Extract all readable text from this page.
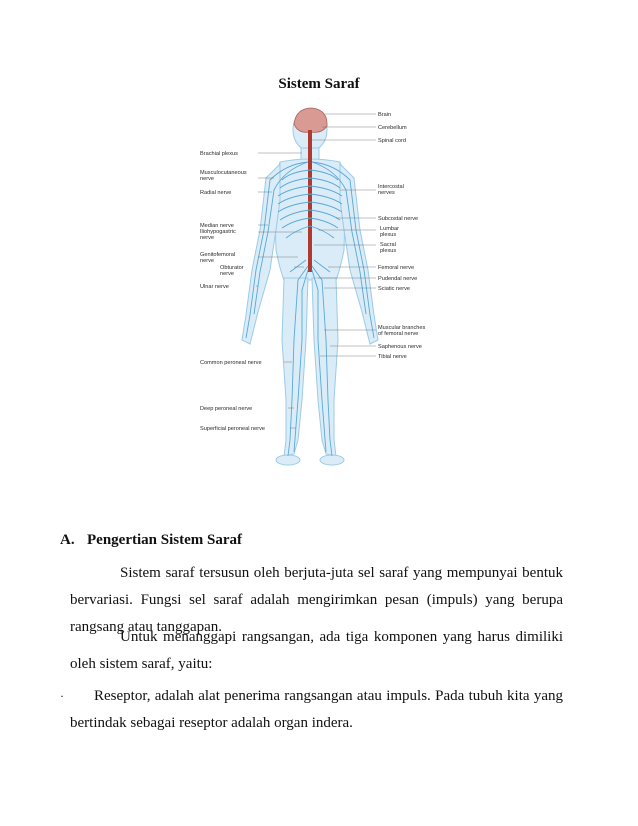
Sistem Saraf
Brachial plexus
Musculocutaneous
nerve
Radial nerve
Median nerve
Iliohypogastric
nerve
Genitofemoral
nerve
Obturator
nerve
Ulnar nerve
Common peroneal nerve
Deep peroneal nerve
Superficial peroneal nerve
Brain
Cerebellum
Spinal cord
Intercostal
nerves
Subcostal nerve
Lumbar
plexus
Sacral
plexus
Femoral nerve
Pudendal nerve
Sciatic nerve
Muscular branches
of femoral nerve
Saphenous nerve
Tibial nerve
A. Pengertian Sistem Saraf
Sistem saraf tersusun oleh berjuta-juta sel saraf yang mempunyai bentuk bervariasi. Fungsi sel saraf adalah mengirimkan pesan (impuls) yang berupa rangsang atau tanggapan.
Untuk menanggapi rangsangan, ada tiga komponen yang harus dimiliki oleh sistem saraf, yaitu:
·	Reseptor, adalah alat penerima rangsangan atau impuls. Pada tubuh kita yang bertindak sebagai reseptor adalah organ indera.
